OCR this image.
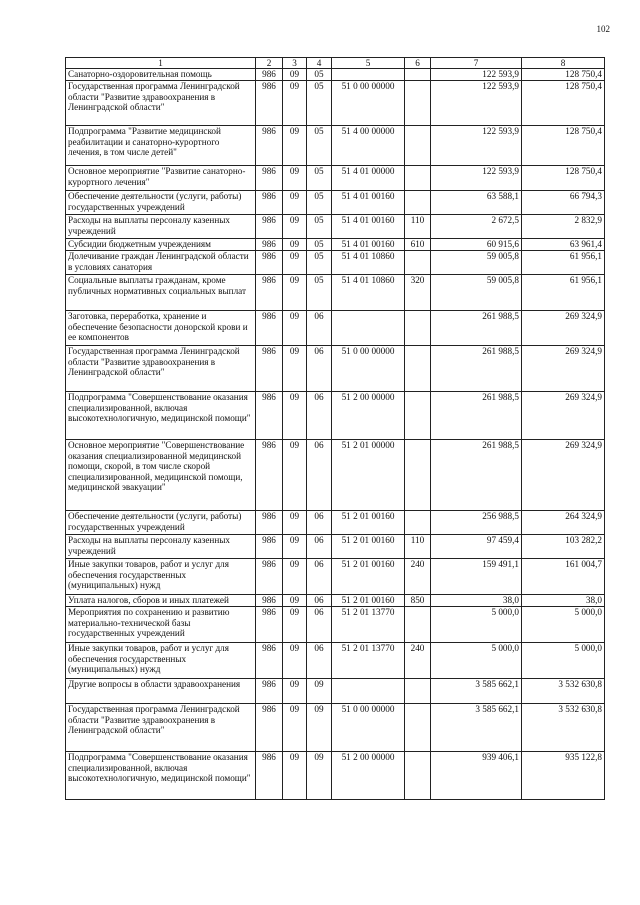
102
1	2	3	4	5	6	7	8
Санаторно-оздоровительная помощь	986	09	05			122 593,9	128 750,4
Государственная программа Ленинградской области "Развитие здравоохранения в Ленинградской области"	986	09	05	51 0 00 00000		122 593,9	128 750,4
Подпрограмма "Развитие медицинской реабилитации и санаторно-курортного лечения, в том числе детей"	986	09	05	51 4 00 00000		122 593,9	128 750,4
Основное мероприятие "Развитие санаторно-курортного лечения"	986	09	05	51 4 01 00000		122 593,9	128 750,4
Обеспечение деятельности (услуги, работы) государственных учреждений	986	09	05	51 4 01 00160		63 588,1	66 794,3
Расходы на выплаты персоналу казенных учреждений	986	09	05	51 4 01 00160	110	2 672,5	2 832,9
Субсидии бюджетным учреждениям	986	09	05	51 4 01 00160	610	60 915,6	63 961,4
Долечивание граждан Ленинградской области в условиях санатория	986	09	05	51 4 01 10860		59 005,8	61 956,1
Социальные выплаты гражданам, кроме публичных нормативных социальных выплат	986	09	05	51 4 01 10860	320	59 005,8	61 956,1
Заготовка, переработка, хранение и обеспечение безопасности донорской крови и ее компонентов	986	09	06			261 988,5	269 324,9
Государственная программа Ленинградской области "Развитие здравоохранения в Ленинградской области"	986	09	06	51 0 00 00000		261 988,5	269 324,9
Подпрограмма "Совершенствование оказания специализированной, включая высокотехнологичную, медицинской помощи"	986	09	06	51 2 00 00000		261 988,5	269 324,9
Основное мероприятие "Совершенствование оказания специализированной медицинской помощи, скорой, в том числе скорой специализированной, медицинской помощи, медицинской эвакуации"	986	09	06	51 2 01 00000		261 988,5	269 324,9
Обеспечение деятельности (услуги, работы) государственных учреждений	986	09	06	51 2 01 00160		256 988,5	264 324,9
Расходы на выплаты персоналу казенных учреждений	986	09	06	51 2 01 00160	110	97 459,4	103 282,2
Иные закупки товаров, работ и услуг для обеспечения государственных (муниципальных) нужд	986	09	06	51 2 01 00160	240	159 491,1	161 004,7
Уплата налогов, сборов и иных платежей	986	09	06	51 2 01 00160	850	38,0	38,0
Мероприятия по сохранению и развитию материально-технической базы государственных учреждений	986	09	06	51 2 01 13770		5 000,0	5 000,0
Иные закупки товаров, работ и услуг для обеспечения государственных (муниципальных) нужд	986	09	06	51 2 01 13770	240	5 000,0	5 000,0
Другие вопросы в области здравоохранения	986	09	09			3 585 662,1	3 532 630,8
Государственная программа Ленинградской области "Развитие здравоохранения в Ленинградской области"	986	09	09	51 0 00 00000		3 585 662,1	3 532 630,8
Подпрограмма "Совершенствование оказания специализированной, включая высокотехнологичную, медицинской помощи"	986	09	09	51 2 00 00000		939 406,1	935 122,8
